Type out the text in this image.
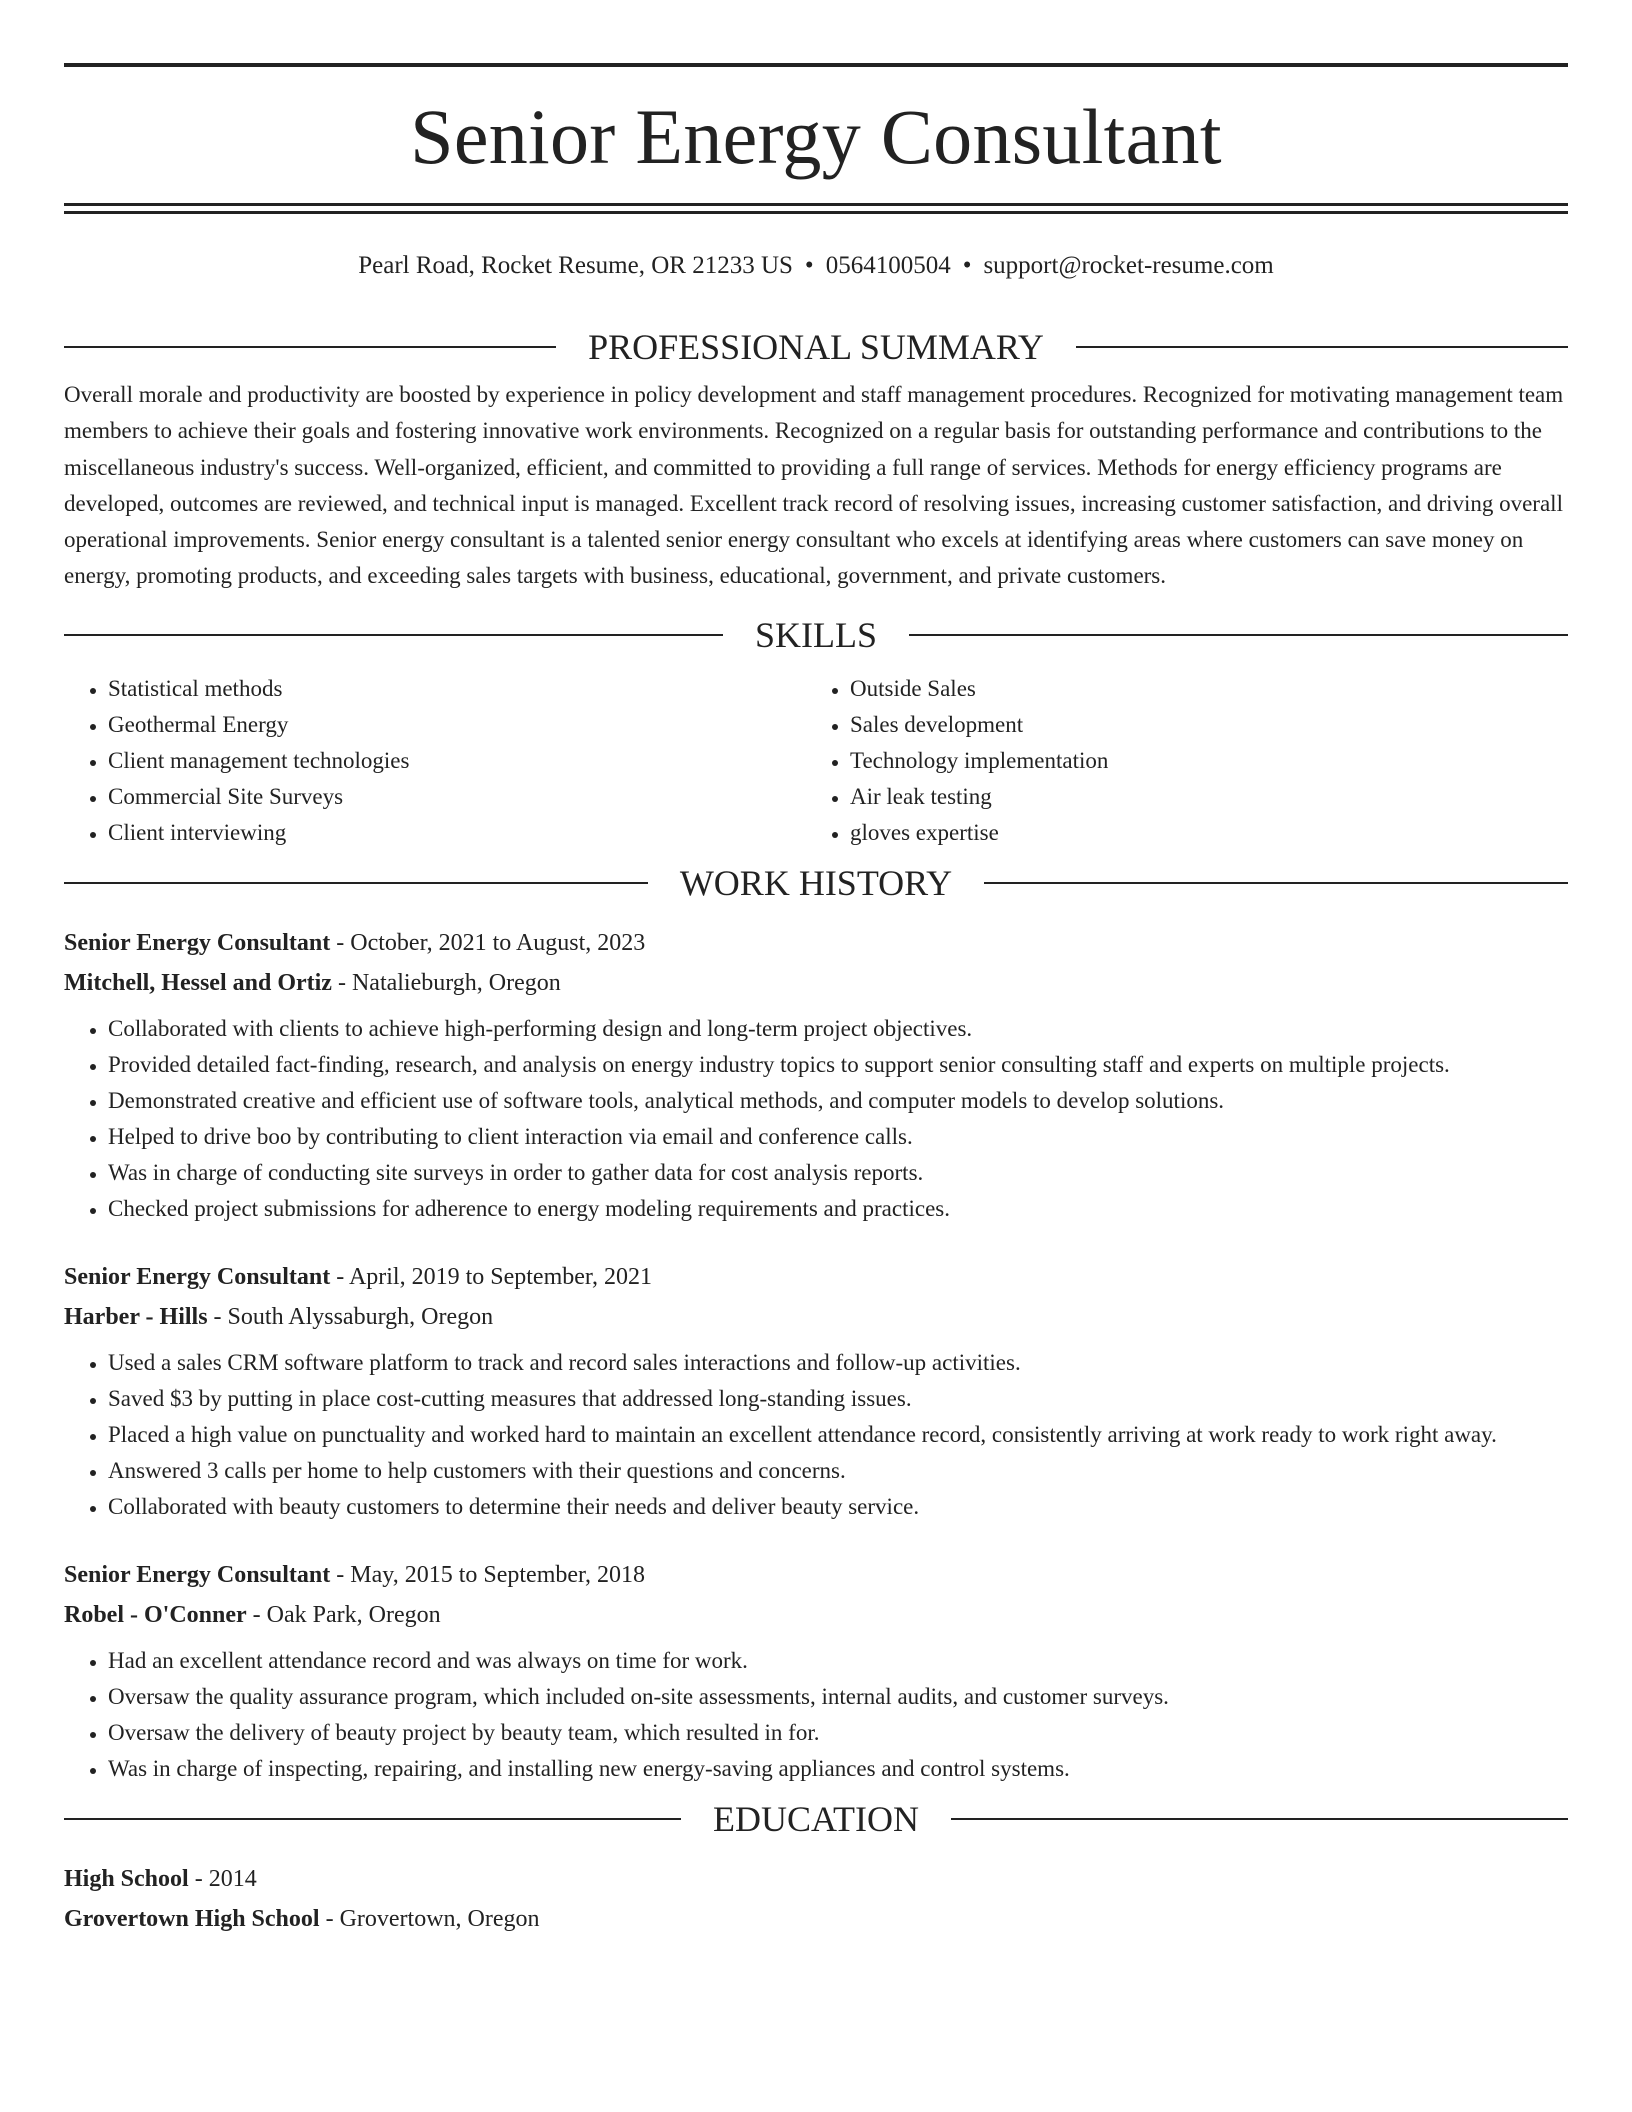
Senior Energy Consultant
Pearl Road, Rocket Resume, OR 21233 US • 0564100504 • support@rocket-resume.com
PROFESSIONAL SUMMARY
Overall morale and productivity are boosted by experience in policy development and staff management procedures. Recognized for motivating management team members to achieve their goals and fostering innovative work environments. Recognized on a regular basis for outstanding performance and contributions to the miscellaneous industry's success. Well-organized, efficient, and committed to providing a full range of services. Methods for energy efficiency programs are developed, outcomes are reviewed, and technical input is managed. Excellent track record of resolving issues, increasing customer satisfaction, and driving overall operational improvements. Senior energy consultant is a talented senior energy consultant who excels at identifying areas where customers can save money on energy, promoting products, and exceeding sales targets with business, educational, government, and private customers.
SKILLS
• Statistical methods
• Geothermal Energy
• Client management technologies
• Commercial Site Surveys
• Client interviewing
• Outside Sales
• Sales development
• Technology implementation
• Air leak testing
• gloves expertise
WORK HISTORY
Senior Energy Consultant - October, 2021 to August, 2023
Mitchell, Hessel and Ortiz - Natalieburgh, Oregon
• Collaborated with clients to achieve high-performing design and long-term project objectives.
• Provided detailed fact-finding, research, and analysis on energy industry topics to support senior consulting staff and experts on multiple projects.
• Demonstrated creative and efficient use of software tools, analytical methods, and computer models to develop solutions.
• Helped to drive boo by contributing to client interaction via email and conference calls.
• Was in charge of conducting site surveys in order to gather data for cost analysis reports.
• Checked project submissions for adherence to energy modeling requirements and practices.
Senior Energy Consultant - April, 2019 to September, 2021
Harber - Hills - South Alyssaburgh, Oregon
• Used a sales CRM software platform to track and record sales interactions and follow-up activities.
• Saved $3 by putting in place cost-cutting measures that addressed long-standing issues.
• Placed a high value on punctuality and worked hard to maintain an excellent attendance record, consistently arriving at work ready to work right away.
• Answered 3 calls per home to help customers with their questions and concerns.
• Collaborated with beauty customers to determine their needs and deliver beauty service.
Senior Energy Consultant - May, 2015 to September, 2018
Robel - O'Conner - Oak Park, Oregon
• Had an excellent attendance record and was always on time for work.
• Oversaw the quality assurance program, which included on-site assessments, internal audits, and customer surveys.
• Oversaw the delivery of beauty project by beauty team, which resulted in for.
• Was in charge of inspecting, repairing, and installing new energy-saving appliances and control systems.
EDUCATION
High School - 2014
Grovertown High School - Grovertown, Oregon
